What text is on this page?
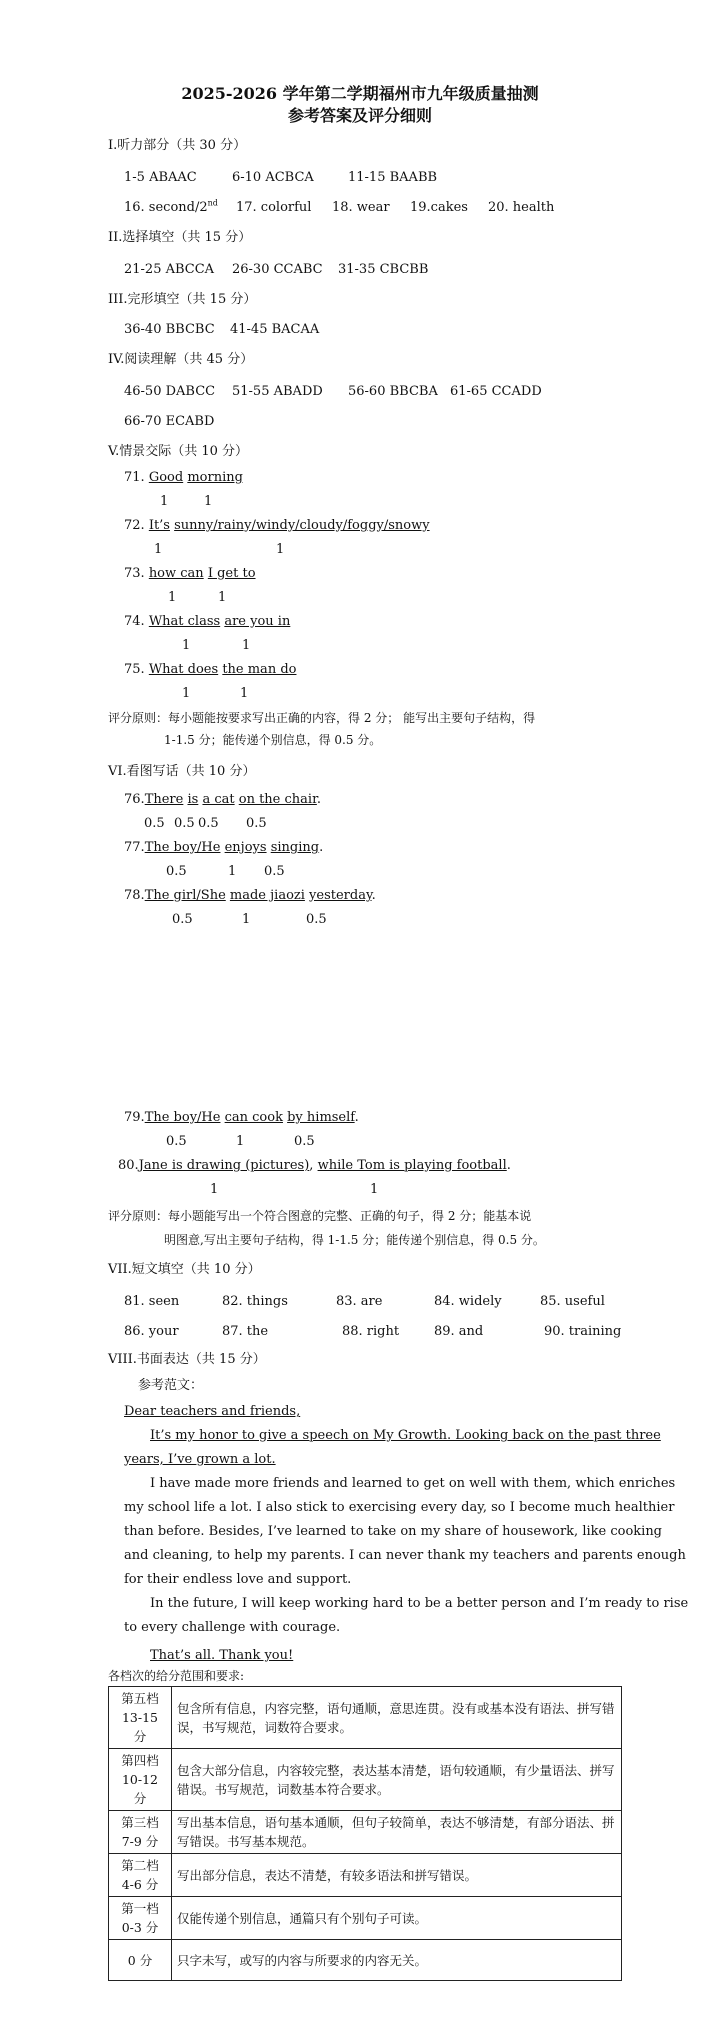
2025-2026 学年第二学期福州市九年级质量抽测
参考答案及评分细则
I.听力部分（共 30 分）
1-5 ABAAC	6-10 ACBCA	11-15 BAABB
16. second/2nd 17. colorful 18. wear 19.cakes 20. health
II.选择填空（共 15 分）
21-25 ABCCA 26-30 CCABC 31-35 CBCBB
III.完形填空（共 15 分）
36-40 BBCBC 41-45 BACAA
IV.阅读理解（共 45 分）
46-50 DABCC 51-55 ABADD 56-60 BBCBA 61-65 CCADD
66-70 ECABD
V.情景交际（共 10 分）
71. Good morning
1	1
72. It’s sunny/rainy/windy/cloudy/foggy/snowy
1	1
73. how can I get to
1	1
74. What class are you in
1	1
75. What does the man do
1	1
评分原则：每小题能按要求写出正确的内容，得 2 分； 能写出主要句子结构，得
1-1.5 分；能传递个别信息，得 0.5 分。
VI.看图写话（共 10 分）
76.There is a cat on the chair.
0.5 0.5 0.5 0.5
77.The boy/He enjoys singing.
0.5	1 0.5
78.The girl/She made jiaozi yesterday.
0.5	1	0.5
79.The boy/He can cook by himself.
0.5	1	0.5
80.Jane is drawing (pictures), while Tom is playing football.
1	1
评分原则：每小题能写出一个符合图意的完整、正确的句子，得 2 分；能基本说
明图意,写出主要句子结构，得 1-1.5 分；能传递个别信息，得 0.5 分。
VII.短文填空（共 10 分）
81. seen	82. things	83. are	84. widely	85. useful
86. your	87. the	88. right	89. and	90. training
VIII.书面表达（共 15 分）
参考范文：
Dear teachers and friends,
It’s my honor to give a speech on My Growth. Looking back on the past three
years, I’ve grown a lot.
I have made more friends and learned to get on well with them, which enriches
my school life a lot. I also stick to exercising every day, so I become much healthier
than before. Besides, I’ve learned to take on my share of housework, like cooking
and cleaning, to help my parents. I can never thank my teachers and parents enough
for their endless love and support.
In the future, I will keep working hard to be a better person and I’m ready to rise
to every challenge with courage.
That’s all. Thank you!
各档次的给分范围和要求:
第五档
13-15 分	包含所有信息，内容完整，语句通顺，意思连贯。没有或基本没有语法、拼写错误，书写规范，词数符合要求。
第四档
10-12 分	包含大部分信息，内容较完整，表达基本清楚，语句较通顺，有少量语法、拼写错误。书写规范，词数基本符合要求。
第三档
7-9 分	写出基本信息，语句基本通顺，但句子较简单，表达不够清楚，有部分语法、拼写错误。书写基本规范。
第二档
4-6 分	写出部分信息，表达不清楚，有较多语法和拼写错误。
第一档
0-3 分	仅能传递个别信息，通篇只有个别句子可读。
0 分	只字未写，或写的内容与所要求的内容无关。
